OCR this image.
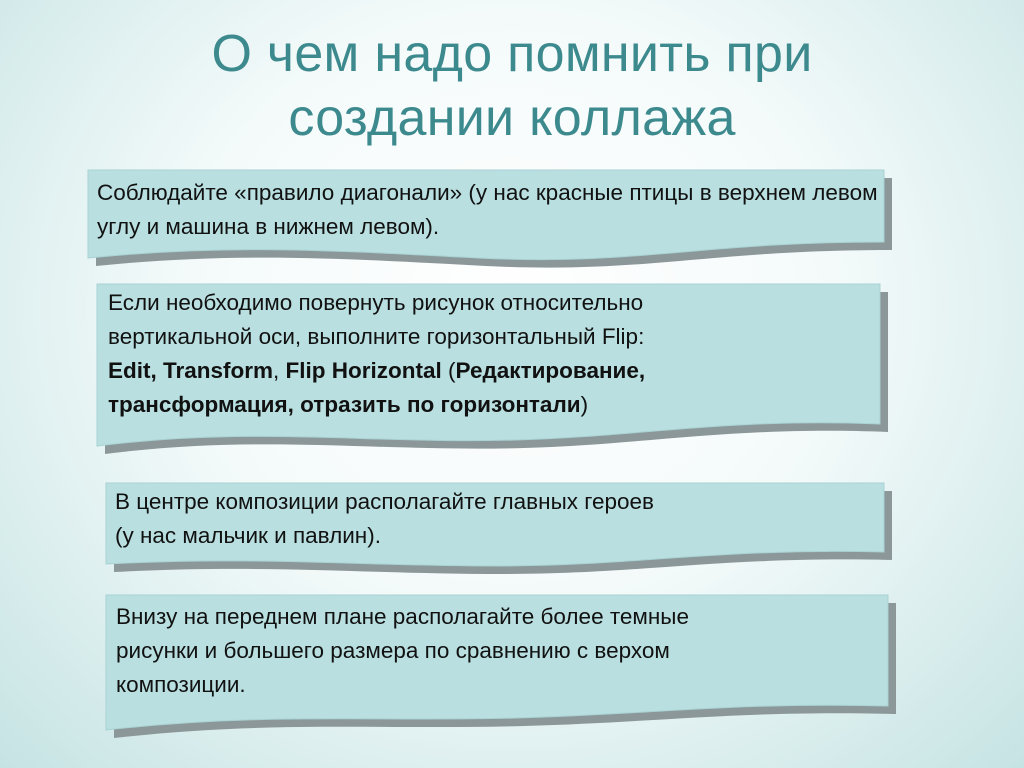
О чем надо помнить при
создании коллажа
Соблюдайте «правило диагонали» (у нас красные птицы в верхнем левом углу и машина в нижнем левом).
Если необходимо повернуть рисунок относительно
вертикальной оси, выполните горизонтальный Flip:
Edit, Transform, Flip Horizontal (Редактирование,
трансформация, отразить по горизонтали)
В центре композиции располагайте главных героев
(у нас мальчик и павлин).
Внизу на переднем плане располагайте более темные
рисунки и большего размера по сравнению с верхом
композиции.
